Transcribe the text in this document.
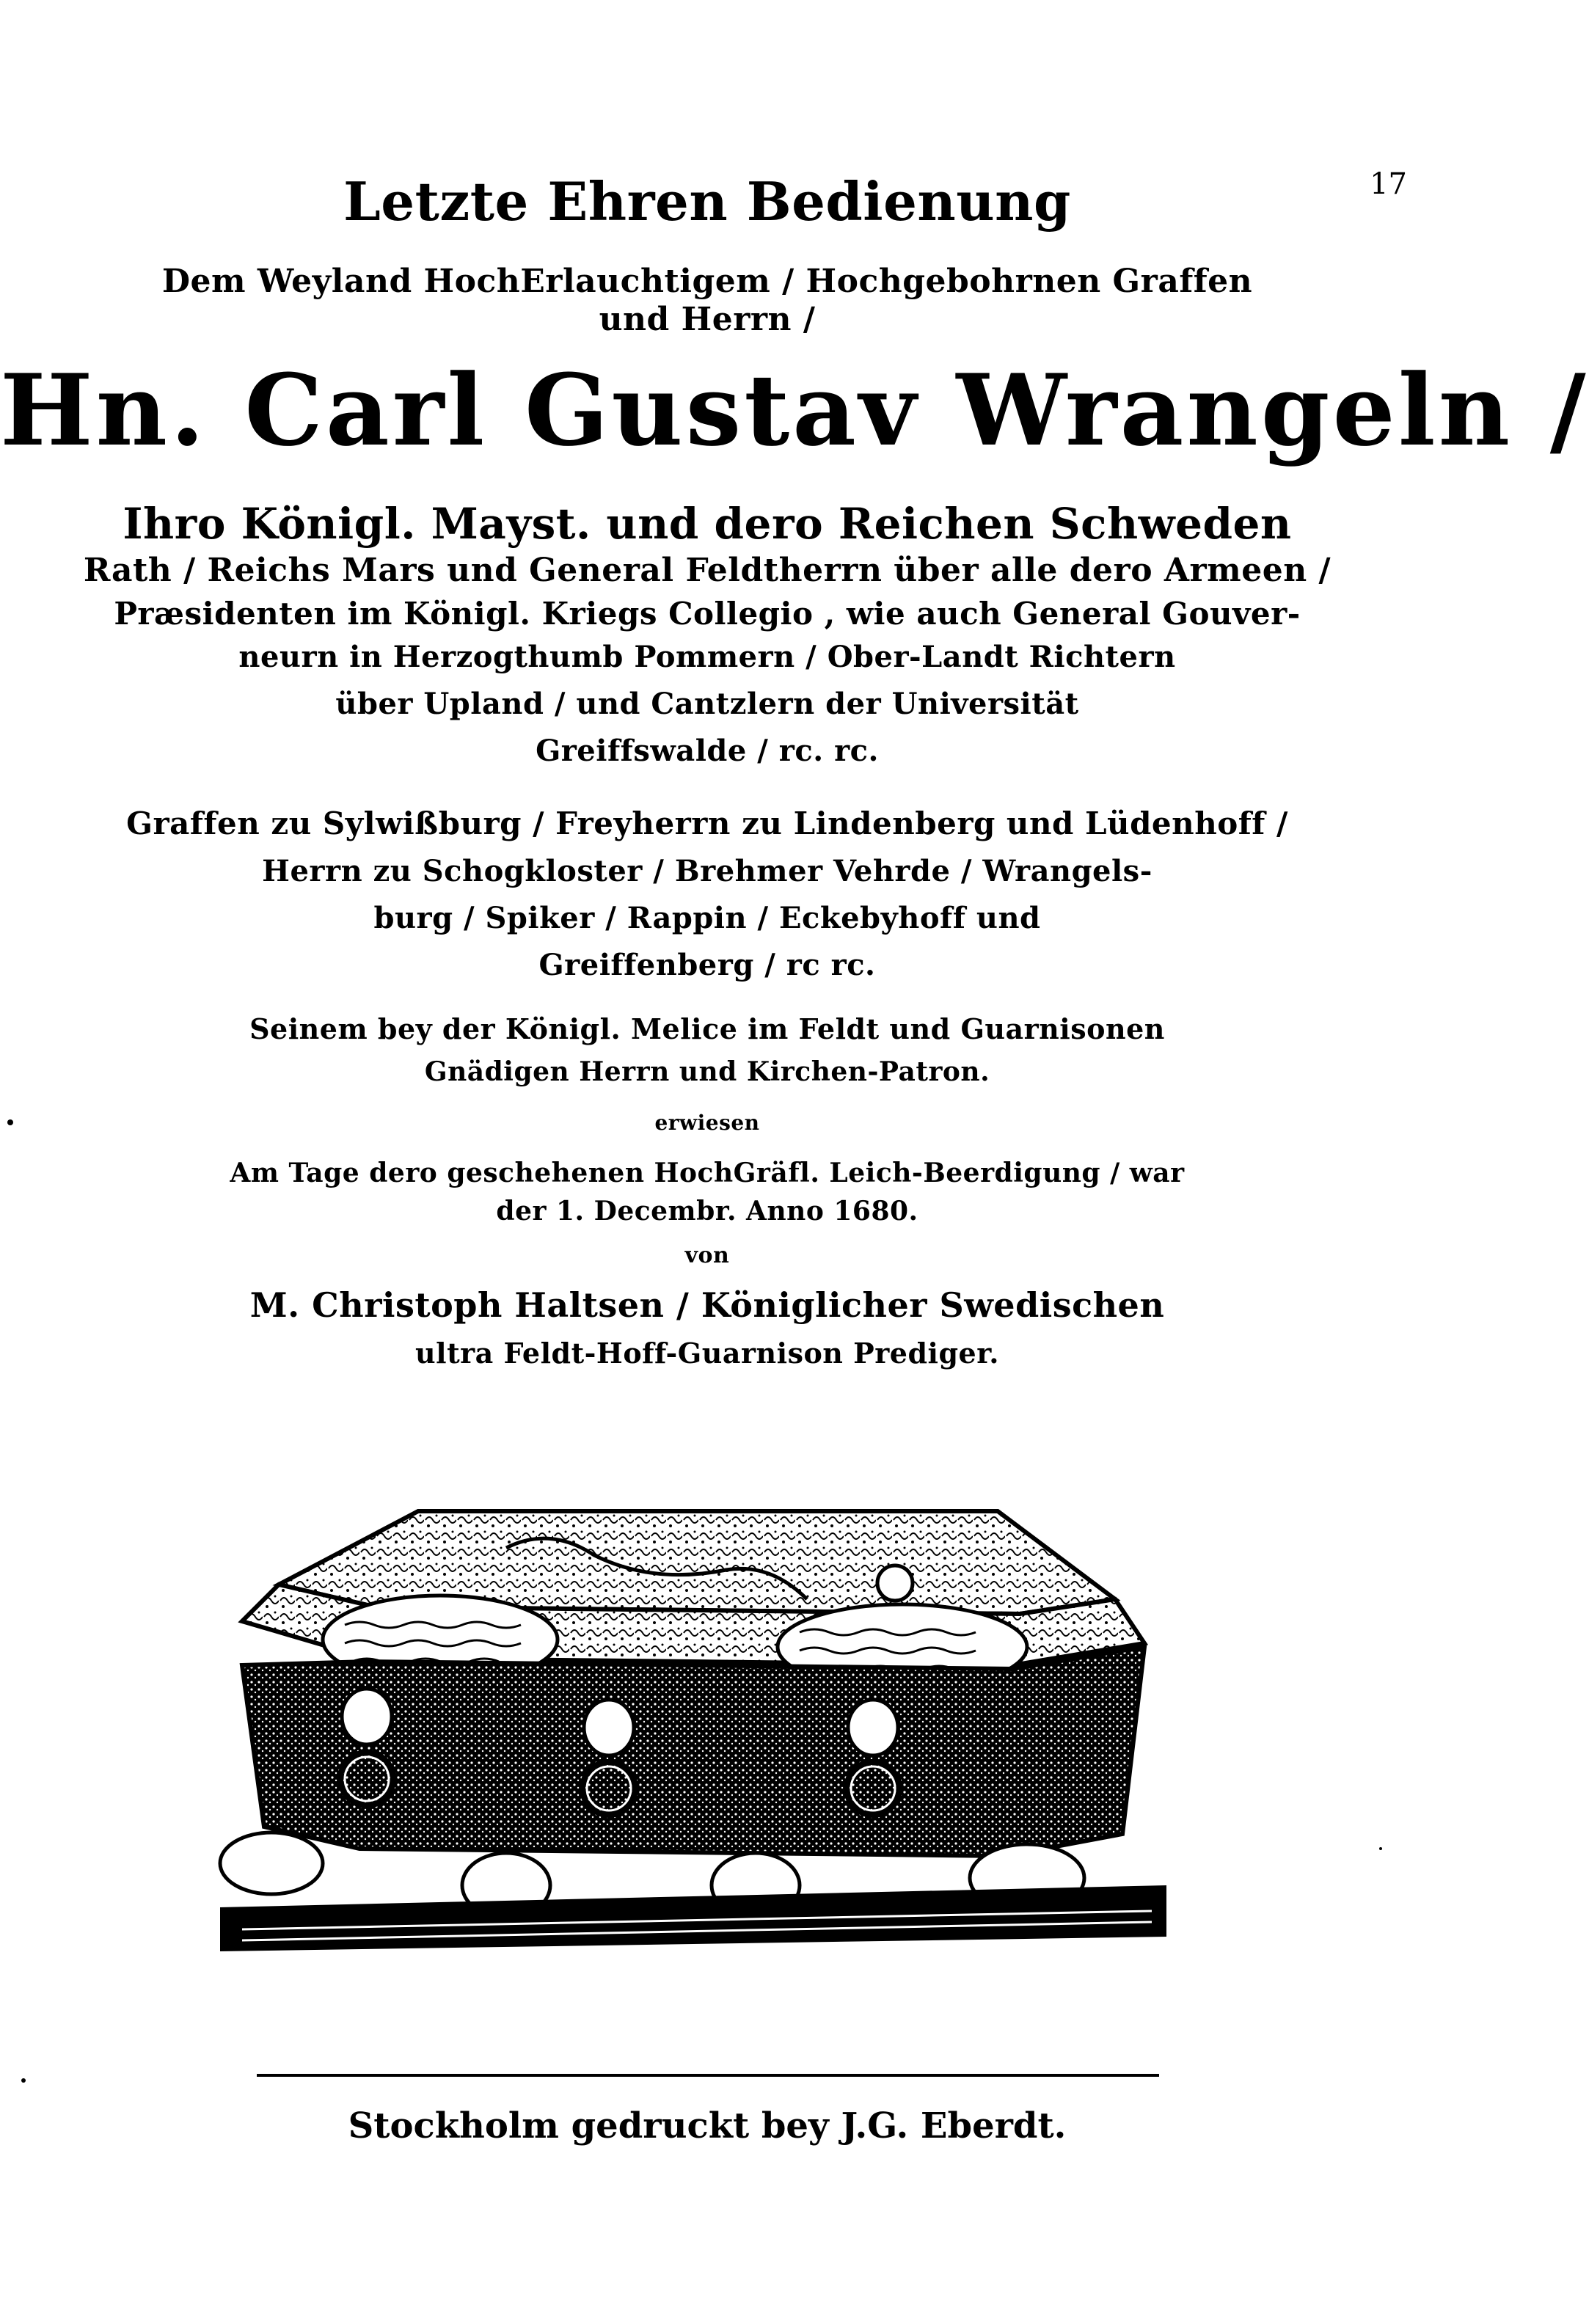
17
Letzte Ehren Bedienung
Dem Weyland HochErlauchtigem / Hochgebohrnen Graffen
und Herrn /
Hn. Carl Gustav Wrangeln /
Ihro Königl. Mayst. und dero Reichen Schweden
Rath / Reichs Mars und General Feldtherrn über alle dero Armeen /
Præsidenten im Königl. Kriegs Collegio , wie auch General Gouver-
neurn in Herzogthumb Pommern / Ober-Landt Richtern
über Upland / und Cantzlern der Universität
Greiffswalde / rc. rc.
Graffen zu Sylwißburg / Freyherrn zu Lindenberg und Lüdenhoff /
Herrn zu Schogkloster / Brehmer Vehrde / Wrangels-
burg / Spiker / Rappin / Eckebyhoff und
Greiffenberg / rc rc.
Seinem bey der Königl. Melice im Feldt und Guarnisonen
Gnädigen Herrn und Kirchen-Patron.
erwiesen
Am Tage dero geschehenen HochGräfl. Leich-Beerdigung / war
der 1. Decembr. Anno 1680.
von
M. Christoph Haltsen / Königlicher Swedischen
ultra Feldt-Hoff-Guarnison Prediger.
Stockholm gedruckt bey J.G. Eberdt.
